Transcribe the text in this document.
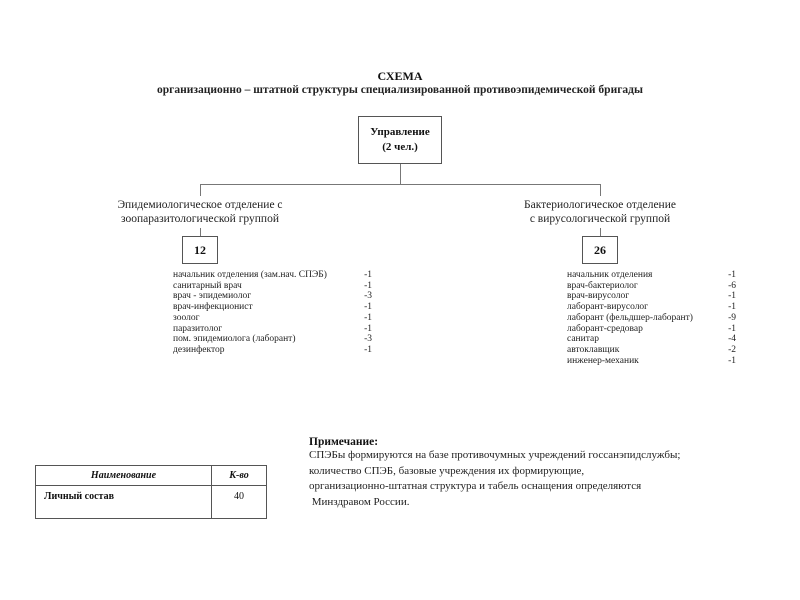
СХЕМА
организационно – штатной структуры специализированной противоэпидемической бригады
Управление
(2 чел.)
Эпидемиологическое отделение с
зоопаразитологической группой
12
начальник отделения (зам.нач. СПЭБ)	-1
санитарный врач	-1
врач - эпидемиолог	-3
врач-инфекционист	-1
зоолог	-1
паразитолог	-1
пом. эпидемиолога (лаборант)	-3
дезинфектор	-1
Бактериологическое отделение
с вирусологической группой
26
начальник отделения	-1
врач-бактериолог	-6
врач-вирусолог	-1
лаборант-вирусолог	-1
лаборант (фельдшер-лаборант)	-9
лаборант-средовар	-1
санитар	-4
автоклавщик	-2
инженер-механик	-1
Примечание:
СПЭБы формируются на базе противочумных учреждений госсанэпидслужбы;
количество СПЭБ, базовые учреждения их формирующие,
организационно-штатная структура и табель оснащения определяются
Минздравом России.
Наименование	К-во
Личный состав	40
